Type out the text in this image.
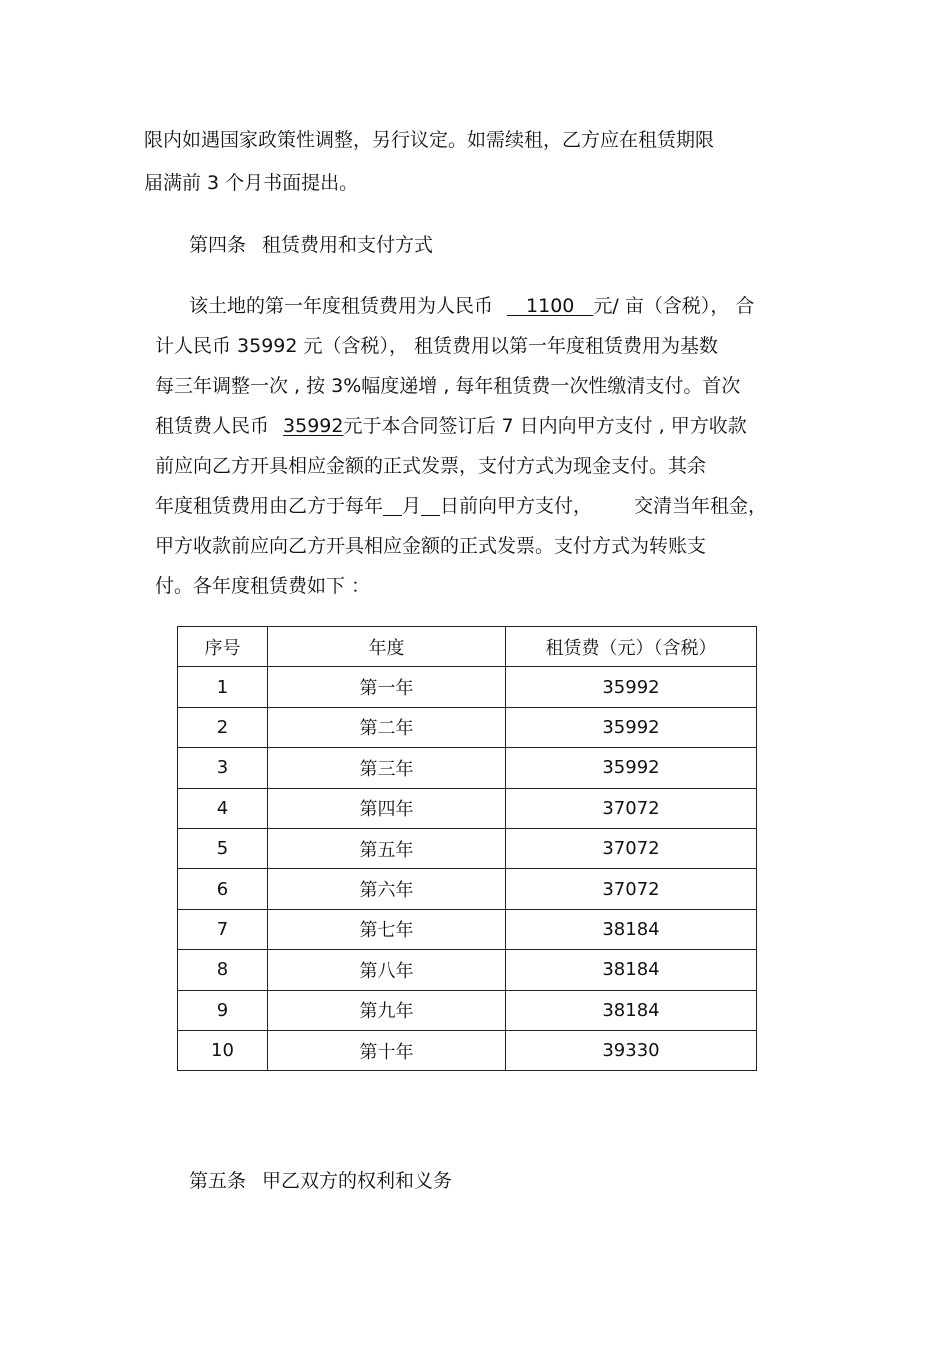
限内如遇国家政策性调整，另行议定。如需续租，乙方应在租赁期限
届满前 3 个月书面提出。
第四条 租赁费用和支付方式
该土地的第一年度租赁费用为人民币   1100   元/ 亩（含税）， 合
计人民币 35992 元（含税）， 租赁费用以第一年度租赁费用为基数
每三年调整一次 , 按 3%幅度递增 , 每年租赁费一次性缴清支付。首次
租赁费人民币 35992元于本合同签订后 7 日内向甲方支付 , 甲方收款
前应向乙方开具相应金额的正式发票，支付方式为现金支付。其余
年度租赁费用由乙方于每年   月   日前向甲方支付， 交清当年租金，
甲方收款前应向乙方开具相应金额的正式发票。支付方式为转账支
付。各年度租赁费如下 ：
序号	年度	租赁费（元）（含税）
1	第一年	35992
2	第二年	35992
3	第三年	35992
4	第四年	37072
5	第五年	37072
6	第六年	37072
7	第七年	38184
8	第八年	38184
9	第九年	38184
10	第十年	39330
第五条 甲乙双方的权利和义务
